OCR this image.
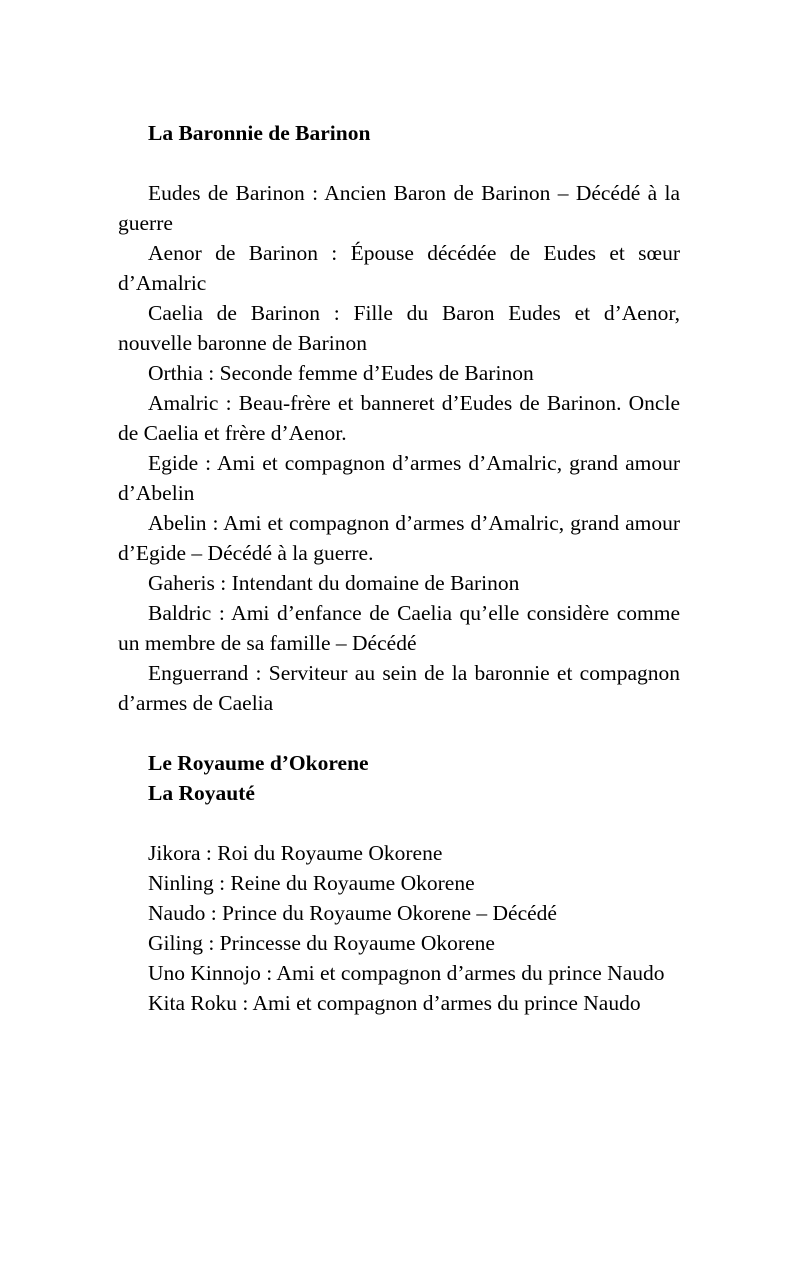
La Baronnie de Barinon

Eudes de Barinon : Ancien Baron de Barinon – Décédé à la guerre

Aenor de Barinon : Épouse décédée de Eudes et sœur d’Amalric

Caelia de Barinon : Fille du Baron Eudes et d’Aenor, nouvelle baronne de Barinon

Orthia : Seconde femme d’Eudes de Barinon

Amalric : Beau-frère et banneret d’Eudes de Barinon. Oncle de Caelia et frère d’Aenor.

Egide : Ami et compagnon d’armes d’Amalric, grand amour d’Abelin

Abelin : Ami et compagnon d’armes d’Amalric, grand amour d’Egide – Décédé à la guerre.

Gaheris : Intendant du domaine de Barinon

Baldric : Ami d’enfance de Caelia qu’elle considère comme un membre de sa famille – Décédé

Enguerrand : Serviteur au sein de la baronnie et compagnon d’armes de Caelia

Le Royaume d’Okorene

La Royauté

Jikora : Roi du Royaume Okorene

Ninling : Reine du Royaume Okorene

Naudo : Prince du Royaume Okorene – Décédé

Giling : Princesse du Royaume Okorene

Uno Kinnojo : Ami et compagnon d’armes du prince Naudo

Kita Roku : Ami et compagnon d’armes du prince Naudo
